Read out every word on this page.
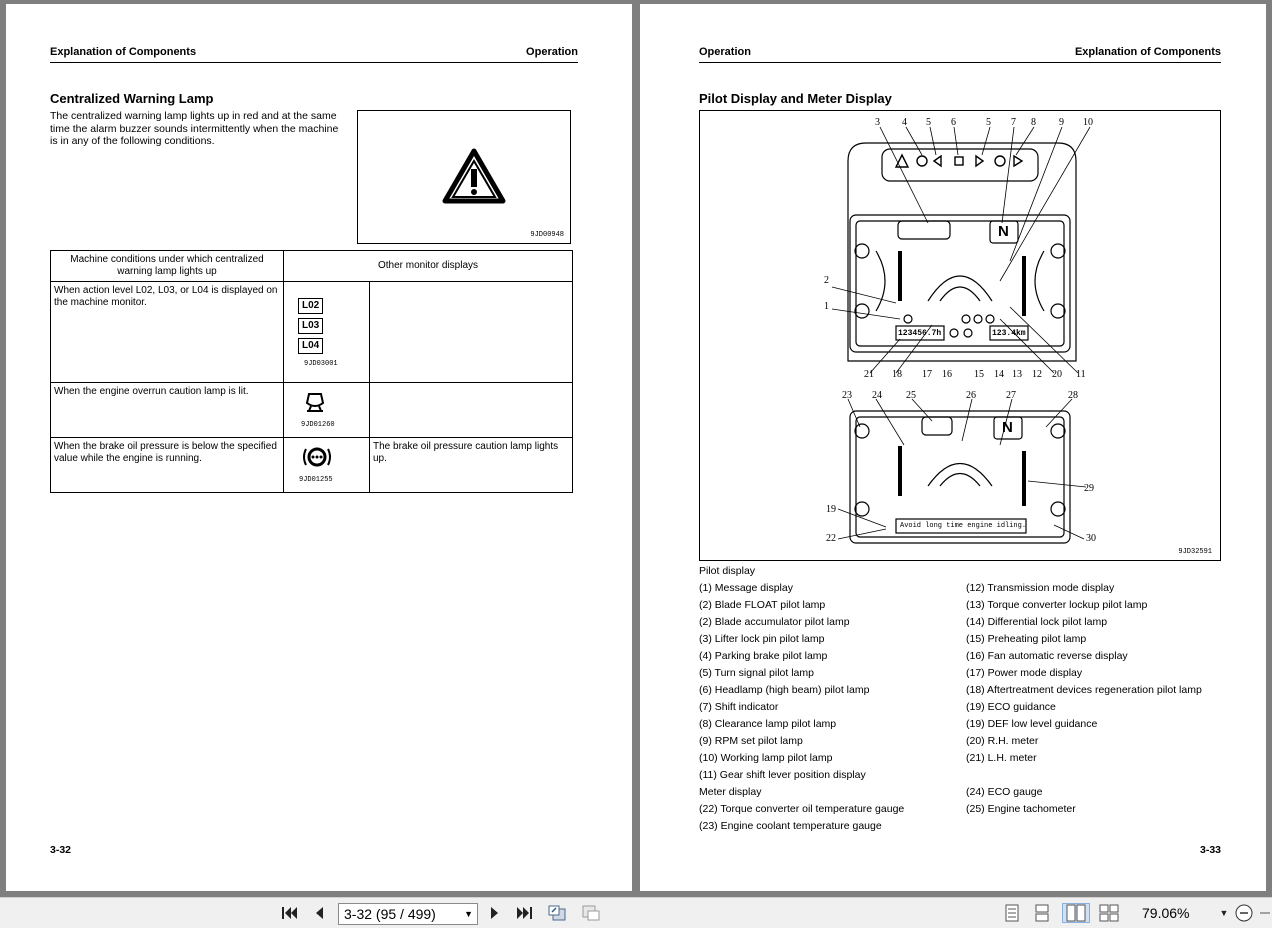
Explanation of Components	Operation
Centralized Warning Lamp
The centralized warning lamp lights up in red and at the same time the alarm buzzer sounds intermittently when the machine is in any of the following conditions.
9JD00948
Machine conditions under which centralized warning lamp lights up	Other monitor displays	
When action level L02, L03, or L04 is displayed on the machine monitor.	L02
L03
L04
9JD03001	

When the engine overrun caution lamp is lit.	9JD01260	

When the brake oil pressure is below the specified value while the engine is running.	9JD01255	The brake oil pressure caution lamp lights up.
3-32
Operation	Explanation of Components
Pilot Display and Meter Display
3 4 5 6	5 7 8 9 10
21 18 17 16 15 14 13 12 20 11
2
1
23 24 25	26	27	28
29
19
22	30
123456.7h	123.4km
N
N
Avoid long time engine idling.
9JD32591
Pilot display
(1) Message display
(2) Blade FLOAT pilot lamp
(2) Blade accumulator pilot lamp
(3) Lifter lock pin pilot lamp
(4) Parking brake pilot lamp
(5) Turn signal pilot lamp
(6) Headlamp (high beam) pilot lamp
(7) Shift indicator
(8) Clearance lamp pilot lamp
(9) RPM set pilot lamp
(10) Working lamp pilot lamp
(11) Gear shift lever position display
Meter display
(22) Torque converter oil temperature gauge
(23) Engine coolant temperature gauge
(12) Transmission mode display
(13) Torque converter lockup pilot lamp
(14) Differential lock pilot lamp
(15) Preheating pilot lamp
(16) Fan automatic reverse display
(17) Power mode display
(18) Aftertreatment devices regeneration pilot lamp
(19) ECO guidance
(19) DEF low level guidance
(20) R.H. meter
(21) L.H. meter
(24) ECO gauge
(25) Engine tachometer
3-33
3-32 (95 / 499)	▼	79.06%	▼
